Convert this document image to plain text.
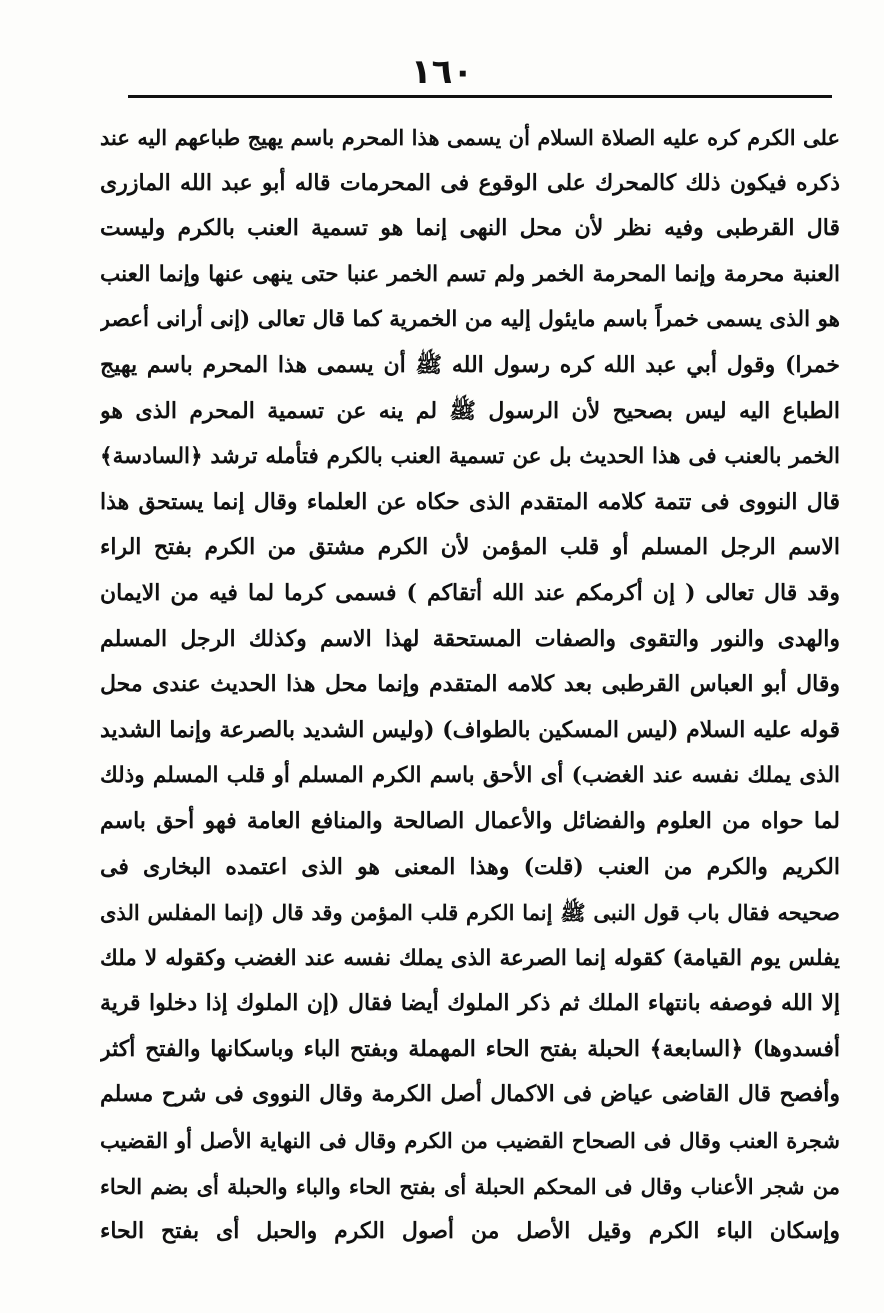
١٦٠
على الكرم كره عليه الصلاة السلام أن يسمى هذا المحرم باسم يهيج طباعهم اليه عند
ذكره فيكون ذلك كالمحرك على الوقوع فى المحرمات قاله أبو عبد الله المازرى
قال القرطبى وفيه نظر لأن محل النهى إنما هو تسمية العنب بالكرم وليست
العنبة محرمة وإنما المحرمة الخمر ولم تسم الخمر عنبا حتى ينهى عنها وإنما العنب
هو الذى يسمى خمراً باسم مايئول إليه من الخمرية كما قال تعالى (إنى أرانى أعصر
خمرا) وقول أبي عبد الله كره رسول الله ﷺ أن يسمى هذا المحرم باسم يهيج
الطباع اليه ليس بصحيح لأن الرسول ﷺ لم ينه عن تسمية المحرم الذى هو
الخمر بالعنب فى هذا الحديث بل عن تسمية العنب بالكرم فتأمله ترشد ﴿السادسة﴾
قال النووى فى تتمة كلامه المتقدم الذى حكاه عن العلماء وقال إنما يستحق هذا
الاسم الرجل المسلم أو قلب المؤمن لأن الكرم مشتق من الكرم بفتح الراء
وقد قال تعالى ( إن أكرمكم عند الله أتقاكم ) فسمى كرما لما فيه من الايمان
والهدى والنور والتقوى والصفات المستحقة لهذا الاسم وكذلك الرجل المسلم
وقال أبو العباس القرطبى بعد كلامه المتقدم وإنما محل هذا الحديث عندى محل
قوله عليه السلام (ليس المسكين بالطواف) (وليس الشديد بالصرعة وإنما الشديد
الذى يملك نفسه عند الغضب) أى الأحق باسم الكرم المسلم أو قلب المسلم وذلك
لما حواه من العلوم والفضائل والأعمال الصالحة والمنافع العامة فهو أحق باسم
الكريم والكرم من العنب (قلت) وهذا المعنى هو الذى اعتمده البخارى فى
صحيحه فقال باب قول النبى ﷺ إنما الكرم قلب المؤمن وقد قال (إنما المفلس الذى
يفلس يوم القيامة) كقوله إنما الصرعة الذى يملك نفسه عند الغضب وكقوله لا ملك
إلا الله فوصفه بانتهاء الملك ثم ذكر الملوك أيضا فقال (إن الملوك إذا دخلوا قرية
أفسدوها) ﴿السابعة﴾ الحبلة بفتح الحاء المهملة وبفتح الباء وباسكانها والفتح أكثر
وأفصح قال القاضى عياض فى الاكمال أصل الكرمة وقال النووى فى شرح مسلم
شجرة العنب وقال فى الصحاح القضيب من الكرم وقال فى النهاية الأصل أو القضيب
من شجر الأعناب وقال فى المحكم الحبلة أى بفتح الحاء والباء والحبلة أى بضم الحاء
وإسكان الباء الكرم وقيل الأصل من أصول الكرم والحبل أى بفتح الحاء
